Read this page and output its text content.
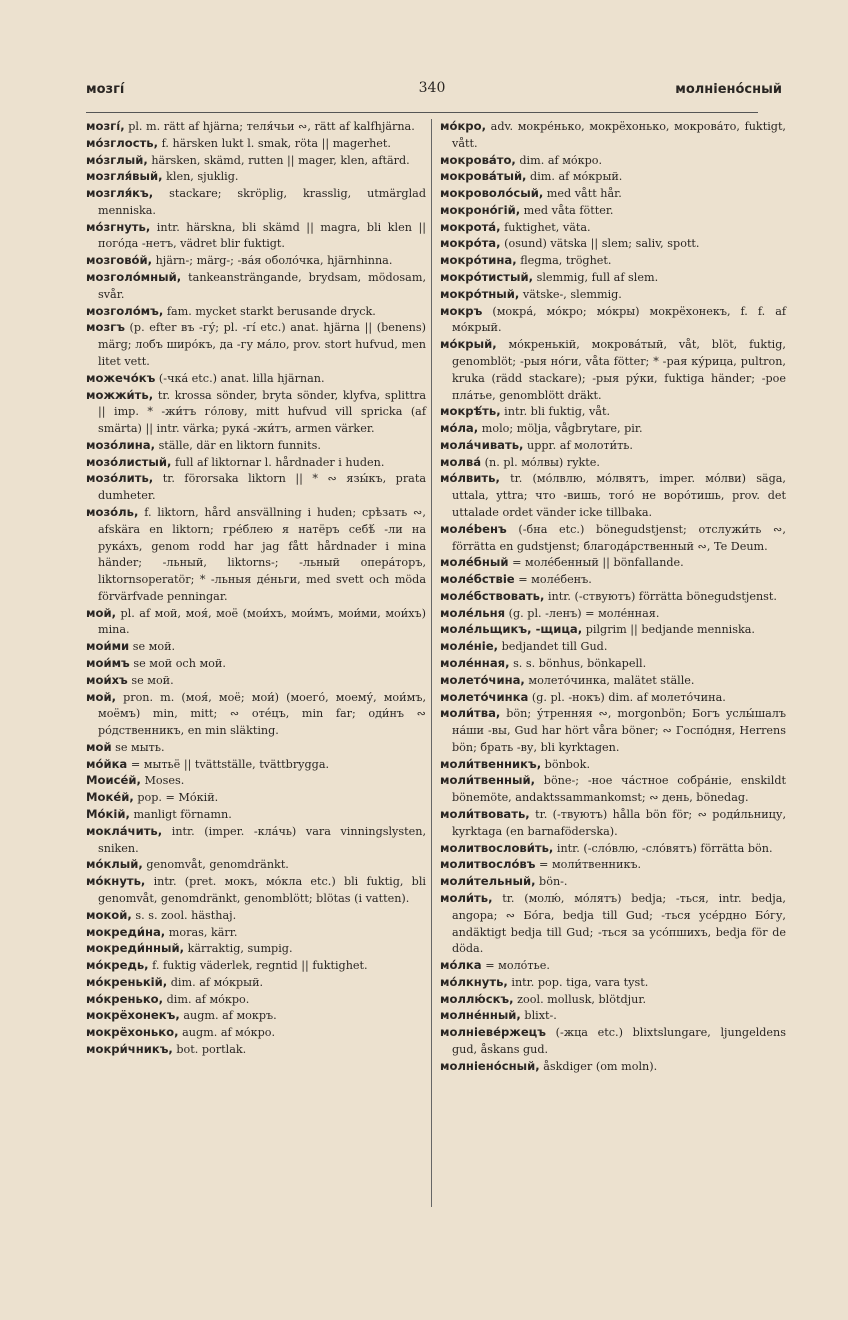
мозгі́	340	молніено́сный

мозгі́, pl. m. rätt af hjärna; теля́чьи ∾, rätt af kalfhjärna.

мо́зглость, f. härsken lukt l. smak, röta || magerhet.

мо́зглый, härsken, skämd, rutten || mager, klen, aftärd.

мозгля́вый, klen, sjuklig.

мозгля́къ, stackare; skröplig, krasslig, utmärglad menniska.

мо́згнуть, intr. härskna, bli skämd || magra, bli klen || пого́да -нетъ, vädret blir fuktigt.

мозгово́й, hjärn-; märg-; -ва́я оболо́чка, hjärnhinna.

мозголо́мный, tankeansträngande, brydsam, mödosam, svår.

мозголо́мъ, fam. mycket starkt berusande dryck.

мозгъ (p. efter въ -гу́; pl. -гі́ etc.) anat. hjärna || (benens) märg; лобъ широ́къ, да -гу ма́ло, prov. stort hufvud, men litet vett.

можечо́къ (-чка́ etc.) anat. lilla hjärnan.

можжи́ть, tr. krossa sönder, bryta sönder, klyfva, splittra || imp. * -жи́тъ го́лову, mitt hufvud vill spricka (af smärta) || intr. värka; рука́ -жи́тъ, armen värker.

мозо́лина, ställe, där en liktorn funnits.

мозо́листый, full af liktornar l. hårdnader i huden.

мозо́лить, tr. förorsaka liktorn || * ∾ язы́къ, prata dumheter.

мозо́ль, f. liktorn, hård ansvällning i huden; срѣзать ∾, afskära en liktorn; гре́блею я натёръ себѣ́ -ли на рука́хъ, genom rodd har jag fått hårdnader i mina händer; -льный, liktorns-; -льный опера́торъ, liktornsoperatör; * -льныя де́ньги, med svett och möda förvärfvade penningar.

мой, pl. af мой, моя́, моё (мои́хъ, мои́мъ, мои́ми, мои́хъ) mina.

мои́ми se мой.

мои́мъ se мой och мой.

мои́хъ se мой.

мой, pron. m. (моя́, моё; мои́) (моего́, моему́, мои́мъ, моёмъ) min, mitt; ∾ отéцъ, min far; оди́нъ ∾ ро́дственникъ, en min släkting.

мой se мыть.

мо́йка = мытьё || tvättställe, tvättbrygga.

Моисе́й, Moses.

Моке́й, pop. = Мо́кій.

Мо́кій, manligt förnamn.

мокла́чить, intr. (imper. -кла́чь) vara vinningslysten, sniken.

мо́клый, genomvåt, genomdränkt.

мо́кнуть, intr. (pret. мокъ, мо́кла etc.) bli fuktig, bli genomvåt, genomdränkt, genomblött; blötas (i vatten).

мокой, s. s. zool. hästhaj.

мокреди́на, moras, kärr.

мокреди́нный, kärraktig, sumpig.

мо́кредь, f. fuktig väderlek, regntid || fuktighet.

мо́кренькій, dim. af мо́крый.

мо́кренько, dim. af мо́кро.

мокрёхонекъ, augm. af мокръ.

мокрёхонько, augm. af мо́кро.

мокри́чникъ, bot. portlak.

мо́кро, adv. мокре́нько, мокрёхонько, мокрова́то, fuktigt, vått.

мокрова́то, dim. af мо́кро.

мокрова́тый, dim. af мо́крый.

мокроволо́сый, med vått hår.

мокроно́гій, med våta fötter.

мокрота́, fuktighet, väta.

мокро́та, (osund) vätska || slem; saliv, spott.

мокро́тина, flegma, tröghet.

мокро́тистый, slemmig, full af slem.

мокро́тный, vätske-, slemmig.

мокръ (мокра́, мо́кро; мо́кры) мокрёхонекъ, f. f. af мо́крый.

мо́крый, мо́кренькій, мокрова́тый, våt, blöt, fuktig, genomblöt; -рыя но́ги, våta fötter; * -рая ку́рица, pultron, kruka (rädd stackare); -рыя ру́ки, fuktiga händer; -рое пла́тье, genomblött dräkt.

мокрѣ́ть, intr. bli fuktig, våt.

мо́ла, molo; mölja, vågbrytare, pir.

мола́чивать, uppr. af молоти́ть.

молва́ (n. pl. мо́лвы) rykte.

мо́лвить, tr. (мо́лвлю, мо́лвятъ, imper. мо́лви) säga, uttala, yttra; что -вишь, того́ не воро́тишь, prov. det uttalade ordet vänder icke tillbaka.

молébенъ (-бна etc.) bönegudstjenst; отслужи́ть ∾, förrätta en gudstjenst; благода́рственный ∾, Te Deum.

моле́бный = моле́бенный || bönfallande.

моле́бствіе = моле́бенъ.

моле́бствовать, intr. (-ствуютъ) förrätta bönegudstjenst.

моле́льня (g. pl. -ленъ) = моле́нная.

моле́льщикъ, -щица, pilgrim || bedjande menniska.

моле́ніе, bedjandet till Gud.

моле́нная, s. s. bönhus, bönkapell.

молето́чина, молето́чинка, malätet ställe.

молето́чинка (g. pl. -нокъ) dim. af молето́чина.

моли́тва, bön; у́тренняя ∾, morgonbön; Богъ услы́шалъ на́ши -вы, Gud har hört våra böner; ∾ Госпо́дня, Herrens bön; брать -ву, bli kyrktagen.

моли́твенникъ, bönbok.

моли́твенный, böne-; -ное ча́стное собра́ніе, enskildt bönemöte, andaktssammankomst; ∾ день, bönedag.

моли́твовать, tr. (-твуютъ) hålla bön för; ∾ роди́льницу, kyrktaga (en barnaföderska).

молитвослови́ть, intr. (-сло́влю, -сло́вятъ) förrätta bön.

молитвосло́въ = моли́твенникъ.

моли́тельный, bön-.

моли́ть, tr. (молю́, мо́лятъ) bedja; -ться, intr. bedja, аngора; ∾ Бо́га, bedja till Gud; -ться усе́рдно Бо́гу, andäktigt bedja till Gud; -ться за усо́пшихъ, bedja för de döda.

мо́лка = моло́тье.

мо́лкнуть, intr. pop. tiga, vara tyst.

моллю́скъ, zool. mollusk, blötdjur.

молне́нный, blixt-.

молніеве́ржецъ (-жца etc.) blixtslungare, ljungeldens gud, åskans gud.

молніено́сный, åskdiger (om moln).
